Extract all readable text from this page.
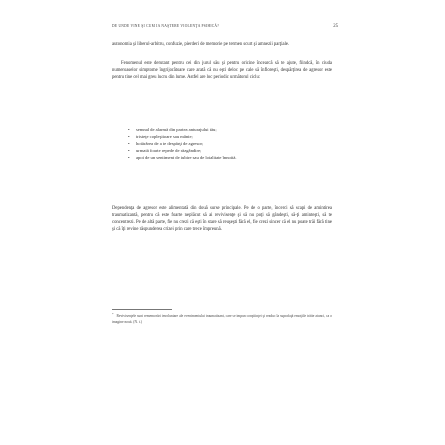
DE UNDE VINE ŞI CUM IA NAŞTERE VIOLENŢA PSIHICĂ?	25

autonomia şi liberul-arbitru, confuzie, pierderi de memorie pe termen scurt şi amnezii parţiale.

Fenomenul este derutant pentru cei din jurul său şi pentru oricine încearcă să te ajute, fiindcă, în ciuda numeroaselor simptome îngrijorătoare care arată că nu eşti deloc pe cale să înfloreşti, despărţirea de agresor este pentru tine cel mai greu lucru din lume. Astfel are loc periodic următorul ciclu:

• semnal de alarmă din partea anturajului tău;
• tristeţe copleşitoare sau mânie;
• hotărârea de a te despărţi de agresor;
• urmată foarte repede de răzgândire;
• apoi de un sentiment de iubire sau de loialitate înnoită.

Dependenţa de agresor este alimentată din două surse principale. Pe de o parte, încerci să scapi de amintirea traumatizantă, pentru că este foarte neplăcut să ai revivisenţe şi să nu poţi să gândeşti, să-ţi aminteşti, să te concentrezi. Pe de altă parte, fie nu crezi că eşti în stare să reuşeşti fără el, fie crezi sincer că el nu poate trăi fără tine şi că îţi revine răspunderea crizei prin care trece împreună.

*Revivisenţele sunt rememorări involuntare ale evenimentului traumatizant, care se impun conştiinţei şi readuc la suprafaţă emoţiile trăite atunci, ca o imagine nouă. (N. t.)
